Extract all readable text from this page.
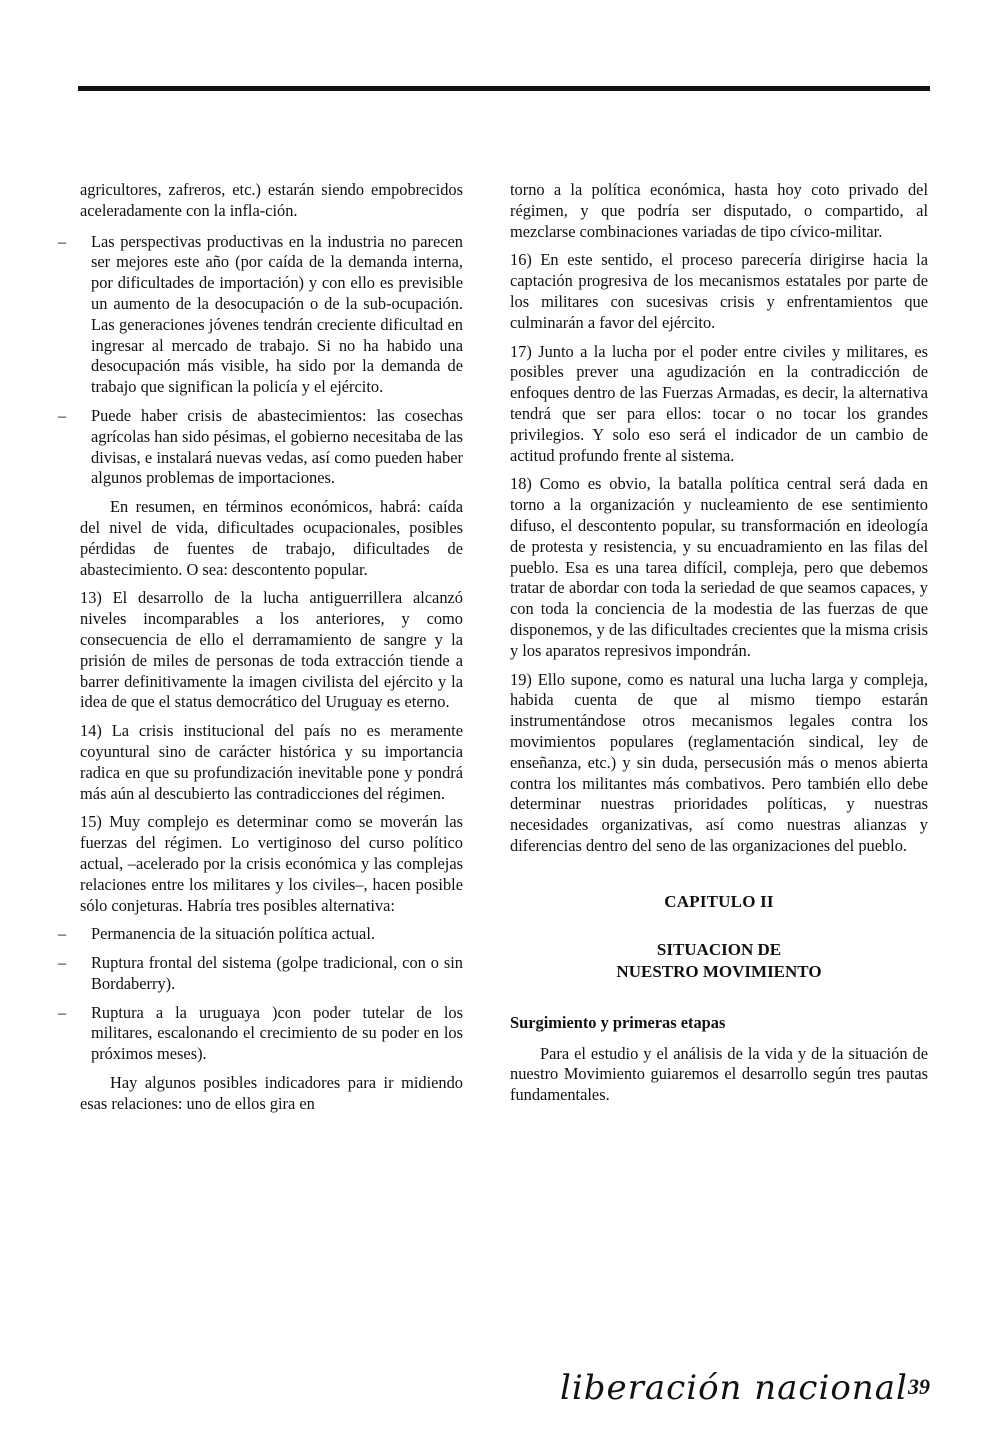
agricultores, zafreros, etc.) estarán siendo empobrecidos aceleradamente con la infla-ción.

–	Las perspectivas productivas en la industria no parecen ser mejores este año (por caída de la demanda interna, por dificultades de importación) y con ello es previsible un aumento de la desocupación o de la sub-ocupación. Las generaciones jóvenes tendrán creciente dificultad en ingresar al mercado de trabajo. Si no ha habido una desocupación más visible, ha sido por la demanda de trabajo que significan la policía y el ejército.
–	Puede haber crisis de abastecimientos: las cosechas agrícolas han sido pésimas, el gobierno necesitaba de las divisas, e instalará nuevas vedas, así como pueden haber algunos problemas de importaciones.

En resumen, en términos económicos, habrá: caída del nivel de vida, dificultades ocupacionales, posibles pérdidas de fuentes de trabajo, dificultades de abastecimiento. O sea: descontento popular.

13) El desarrollo de la lucha antiguerrillera alcanzó niveles incomparables a los anteriores, y como consecuencia de ello el derramamiento de sangre y la prisión de miles de personas de toda extracción tiende a barrer definitivamente la imagen civilista del ejército y la idea de que el status democrático del Uruguay es eterno.

14) La crisis institucional del país no es meramente coyuntural sino de carácter histórica y su importancia radica en que su profundización inevitable pone y pondrá más aún al descubierto las contradicciones del régimen.

15) Muy complejo es determinar como se moverán las fuerzas del régimen. Lo vertiginoso del curso político actual, –acelerado por la crisis económica y las complejas relaciones entre los militares y los civiles–, hacen posible sólo conjeturas. Habría tres posibles alternativa:

–	Permanencia de la situación política actual.
–	Ruptura frontal del sistema (golpe tradicional, con o sin Bordaberry).
–	Ruptura a la uruguaya )con poder tutelar de los militares, escalonando el crecimiento de su poder en los próximos meses).

Hay algunos posibles indicadores para ir midiendo esas relaciones: uno de ellos gira en

torno a la política económica, hasta hoy coto privado del régimen, y que podría ser disputado, o compartido, al mezclarse combinaciones variadas de tipo cívico-militar.

16) En este sentido, el proceso parecería dirigirse hacia la captación progresiva de los mecanismos estatales por parte de los militares con sucesivas crisis y enfrentamientos que culminarán a favor del ejército.

17) Junto a la lucha por el poder entre civiles y militares, es posibles prever una agudización en la contradicción de enfoques dentro de las Fuerzas Armadas, es decir, la alternativa tendrá que ser para ellos: tocar o no tocar los grandes privilegios. Y solo eso será el indicador de un cambio de actitud profundo frente al sistema.

18) Como es obvio, la batalla política central será dada en torno a la organización y nucleamiento de ese sentimiento difuso, el descontento popular, su transformación en ideología de protesta y resistencia, y su encuadramiento en las filas del pueblo. Esa es una tarea difícil, compleja, pero que debemos tratar de abordar con toda la seriedad de que seamos capaces, y con toda la conciencia de la modestia de las fuerzas de que disponemos, y de las dificultades crecientes que la misma crisis y los aparatos represivos impondrán.

19) Ello supone, como es natural una lucha larga y compleja, habida cuenta de que al mismo tiempo estarán instrumentándose otros mecanismos legales contra los movimientos populares (reglamentación sindical, ley de enseñanza, etc.) y sin duda, persecusión más o menos abierta contra los militantes más combativos. Pero también ello debe determinar nuestras prioridades políticas, y nuestras necesidades organizativas, así como nuestras alianzas y diferencias dentro del seno de las organizaciones del pueblo.

CAPITULO II
SITUACION DE
NUESTRO MOVIMIENTO
Surgimiento y primeras etapas

Para el estudio y el análisis de la vida y de la situación de nuestro Movimiento guiaremos el desarrollo según tres pautas fundamentales.

liberación nacional 39
